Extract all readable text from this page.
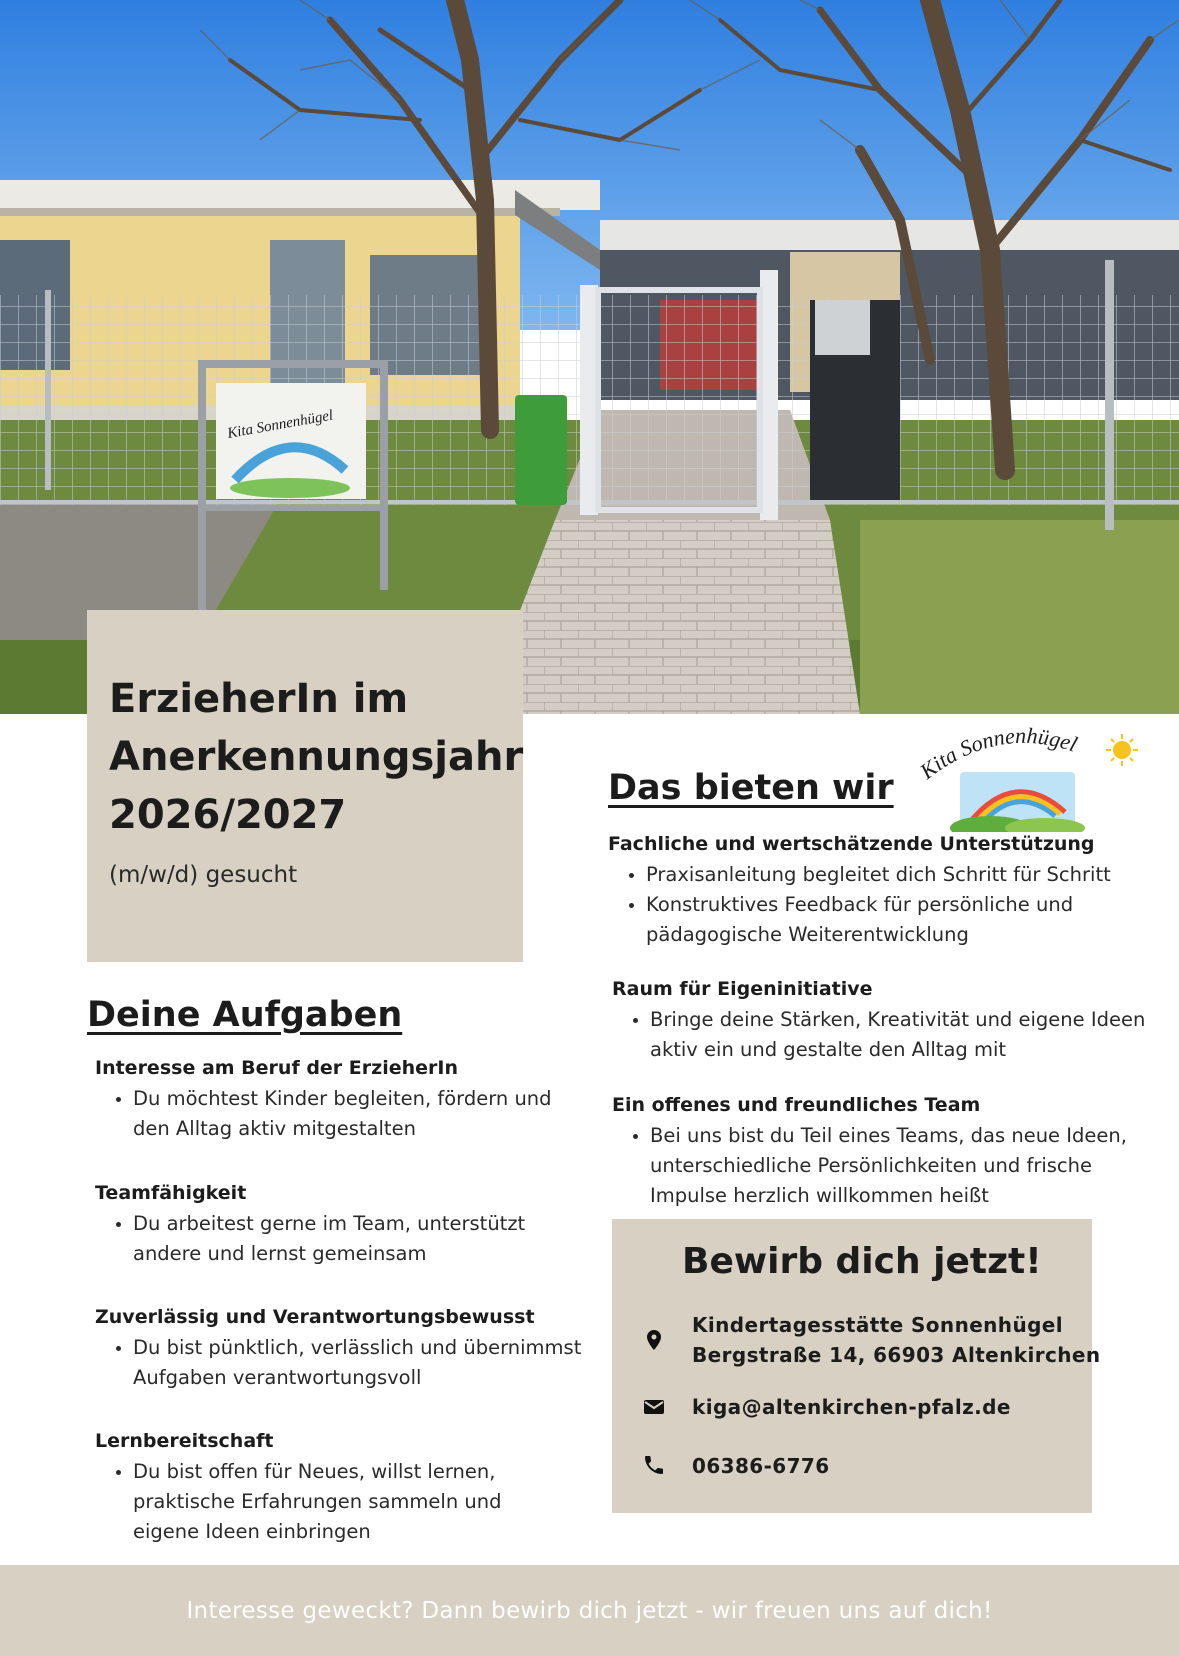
Kita Sonnenhügel
ErzieherIn im
Anerkennungsjahr
2026/2027
(m/w/d) gesucht
Kita Sonnenhügel
Das bieten wir
Fachliche und wertschätzende Unterstützung
• Praxisanleitung begleitet dich Schritt für Schritt
• Konstruktives Feedback für persönliche und pädagogische Weiterentwicklung
Raum für Eigeninitiative
• Bringe deine Stärken, Kreativität und eigene Ideen aktiv ein und gestalte den Alltag mit
Ein offenes und freundliches Team
• Bei uns bist du Teil eines Teams, das neue Ideen, unterschiedliche Persönlichkeiten und frische Impulse herzlich willkommen heißt
Deine Aufgaben
Interesse am Beruf der ErzieherIn
• Du möchtest Kinder begleiten, fördern und den Alltag aktiv mitgestalten
Teamfähigkeit
• Du arbeitest gerne im Team, unterstützt andere und lernst gemeinsam
Zuverlässig und Verantwortungsbewusst
• Du bist pünktlich, verlässlich und übernimmst Aufgaben verantwortungsvoll
Lernbereitschaft
• Du bist offen für Neues, willst lernen, praktische Erfahrungen sammeln und eigene Ideen einbringen
Bewirb dich jetzt!
Kindertagesstätte Sonnenhügel
Bergstraße 14, 66903 Altenkirchen
kiga@altenkirchen-pfalz.de
06386-6776
Interesse geweckt? Dann bewirb dich jetzt - wir freuen uns auf dich!
